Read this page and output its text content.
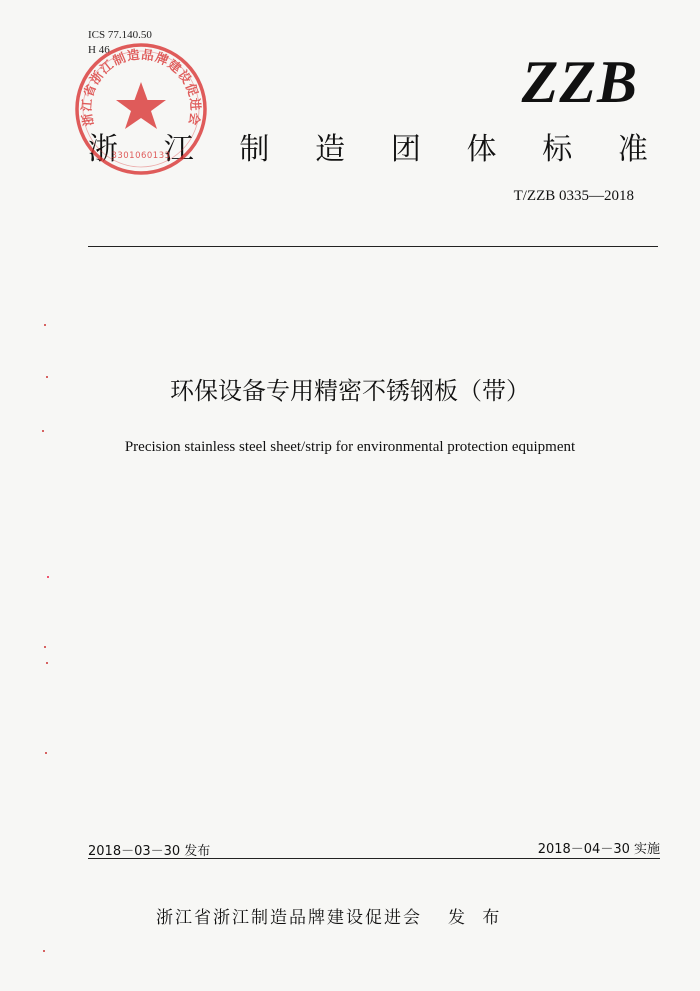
ICS 77.140.50
H 46	ZZB
浙 江 制 造 团 体 标 准
浙江省浙江制造品牌建设促进会
3301060133
T/ZZB 0335—2018
环保设备专用精密不锈钢板（带）
Precision stainless steel sheet/strip for environmental protection equipment
2018－03－30 发布	2018－04－30 实施
浙江省浙江制造品牌建设促进会 发 布
